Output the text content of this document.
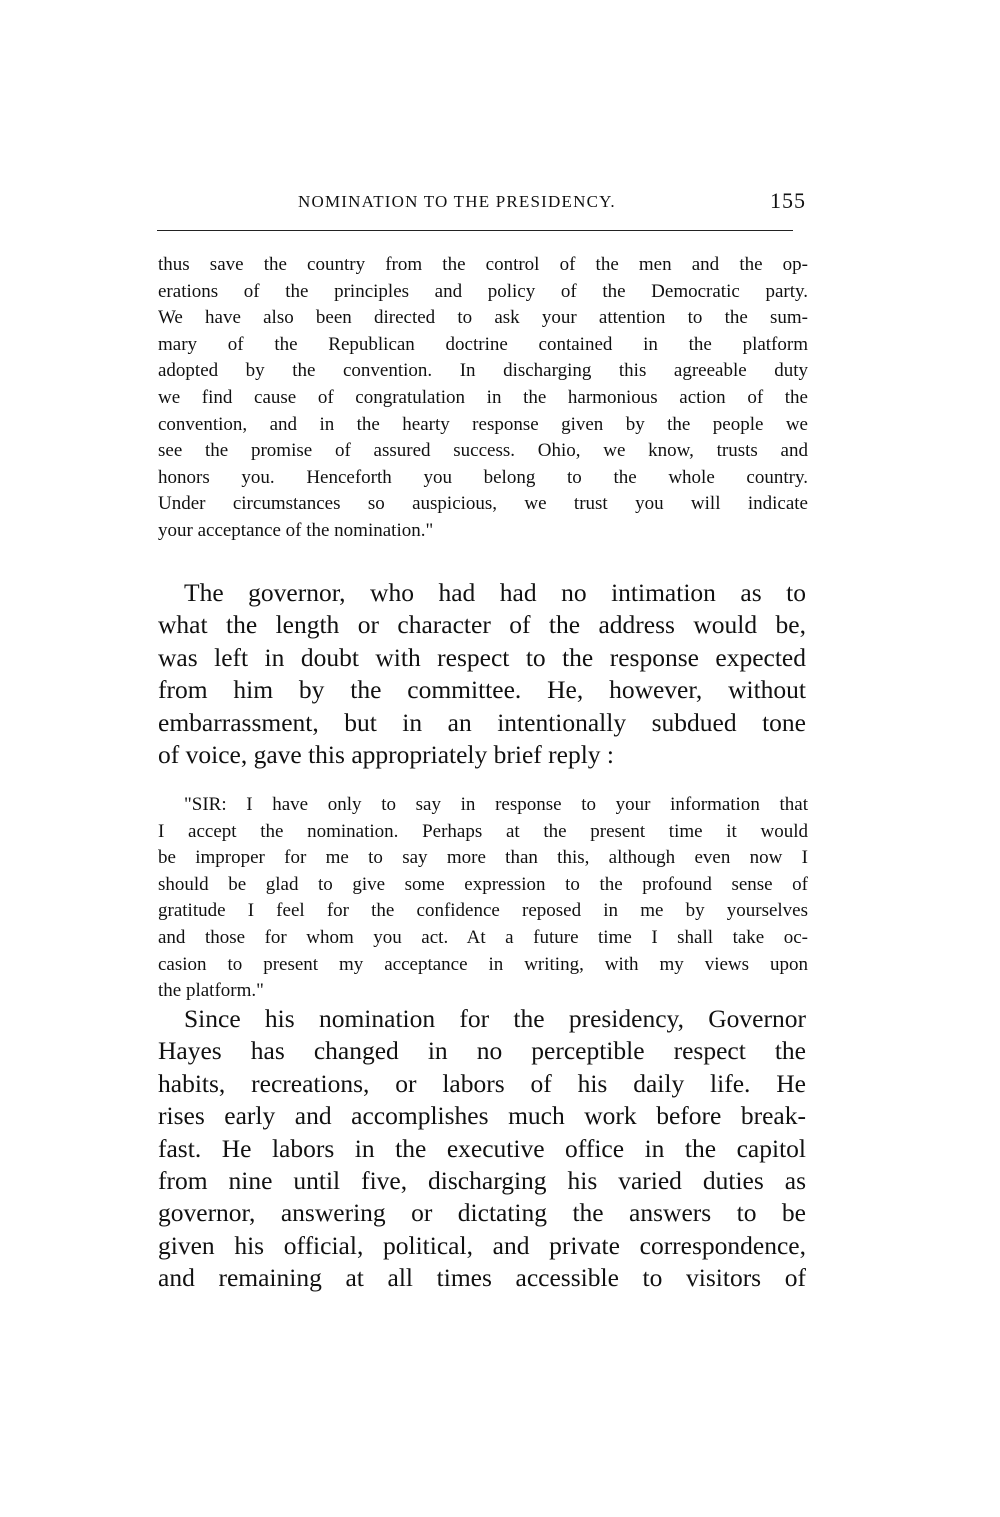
NOMINATION TO THE PRESIDENCY.	155
thus save the country from the control of the men and the op-
erations of the principles and policy of the Democratic party.
We have also been directed to ask your attention to the sum-
mary of the Republican doctrine contained in the platform
adopted by the convention. In discharging this agreeable duty
we find cause of congratulation in the harmonious action of the
convention, and in the hearty response given by the people we
see the promise of assured success. Ohio, we know, trusts and
honors you. Henceforth you belong to the whole country.
Under circumstances so auspicious, we trust you will indicate
your acceptance of the nomination."
The governor, who had had no intimation as to
what the length or character of the address would be,
was left in doubt with respect to the response expected
from him by the committee. He, however, without
embarrassment, but in an intentionally subdued tone
of voice, gave this appropriately brief reply :
"SIR: I have only to say in response to your information that
I accept the nomination. Perhaps at the present time it would
be improper for me to say more than this, although even now I
should be glad to give some expression to the profound sense of
gratitude I feel for the confidence reposed in me by yourselves
and those for whom you act. At a future time I shall take oc-
casion to present my acceptance in writing, with my views upon
the platform."
Since his nomination for the presidency, Governor
Hayes has changed in no perceptible respect the
habits, recreations, or labors of his daily life. He
rises early and accomplishes much work before break-
fast. He labors in the executive office in the capitol
from nine until five, discharging his varied duties as
governor, answering or dictating the answers to be
given his official, political, and private correspondence,
and remaining at all times accessible to visitors of
